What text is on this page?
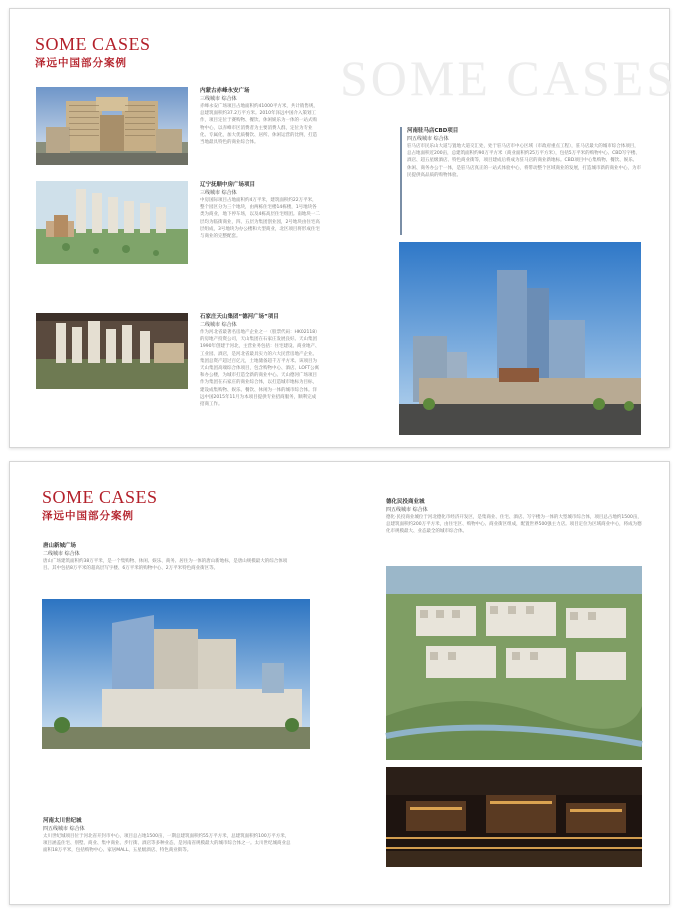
SOME CASES
SOME CASES
泽远中国部分案例
内蒙古赤峰永安广场
三线城市 综合体
赤峰永安广场项目占地面积约41000平方米，共计销售规，总建筑面积约37.2万平方米。2010年泽远中国介入策划工作，项目定位于赛购物、餐饮、休闲娱乐为一体的一站式购物中心，以赤峰市区消费者为主要消费人群，定位为专业化、专属化，加大优质餐饮、居所、休闲运营的比例，打造当地最具特色的商业综合体。
辽宁抚顺中房广场项目
三线城市 综合体
中房国际项目占地面积约4万平米，建筑面积约22万平米，整个园区分为三个地块，由两栋住宅楼14栋楼，1号地块各类为商业，地下停车场，以及4栋高层住宅组团。南地块一二层均为临街商业，四、五层为集团创业园，2号地块由住宅高层组成，3号地块为办公楼和大型商业，北区项目将形成住宅与商业的完整配套。
石家庄天山集团“德河广场”项目
二线城市 综合体
作为河北省最著名房地产企业之一（股票代码：HK02118）的房地产投资公司，天山集团在石家庄发展良好。天山集团1990年创建于河北，主营业务包括：住宅建设、商业地产、工业园、酒店，是河北省最具实力的六大民营房地产企业。集团总资产超过百亿元，土地储备超千万平方米。该项目为天山集团高端综合体项目，包含购物中心、酒店、LOFT公寓和办公楼，为城市打造全新的商业中心。天山德河广场项目作为集团在石家庄的商业综合体，以打造城市地标为目标，建设成集购物、娱乐、餐饮、休闲为一体的城市综合体。洋远中国2015年11月为本项目提供专业招商服务，顺利完成招商工作。
河南驻马店CBD项目
四五线城市 综合体
驻马店市民乐山大道与置地大道交汇处，处于驻马店市中心区域（市政府重点工程），驻马店最大的城市综合体项目，总占地面积近200亩，总建筑面积约90万平方米（商业面积约25万平方米），包括5万平米的购物中心、CBD写字楼、酒店、超五星级酒店、特色商业街等，项目建成后将成为驻马店的商业新地标。CBD项目中心集购物、餐饮、娱乐、休闲、商务办公于一体，是驻马店真正的一站式体验中心，将带动整个区域商业的发展，打造城市新的商业中心，为市民提供高品质的购物体验。
SOME CASES
泽远中国部分案例
唐山新城广场
二线城市 综合体
唐山广场建筑面积约38万平米，是一个集购物、休闲、娱乐、商务、居住为一体的唐山新地标，是唐山规模最大的综合体项目。其中包括8万平米的超高层写字楼、6万平米的购物中心、2万平米特色商业街区等。
德化民投商业城
四五线城市 综合体
德化·民投商业城位于河北德化市经济开发区，是集商业、住宅、酒店、写字楼为一体的大型城市综合体，项目总占地约1500亩，总建筑面积约200万平方米，由住宅区、购物中心、商业街区组成，配置世界500强主力店。项目定位为区域商业中心，将成为德化市规模最大、业态最全的城市综合体。
河南太川世纪城
四五线城市 综合体
太川世纪城项目位于河北省开封市中心，项目总占地1500亩，一期总建筑面积约55万平方米，总建筑面积约100万平方米，项目涵盖住宅、别墅、商业、集中商业、步行街、酒店等多种业态，是河南省规模最大的城市综合体之一。太川世纪城商业总面积18万平米，包括购物中心、家居MALL、五星级酒店、特色商业街等。
